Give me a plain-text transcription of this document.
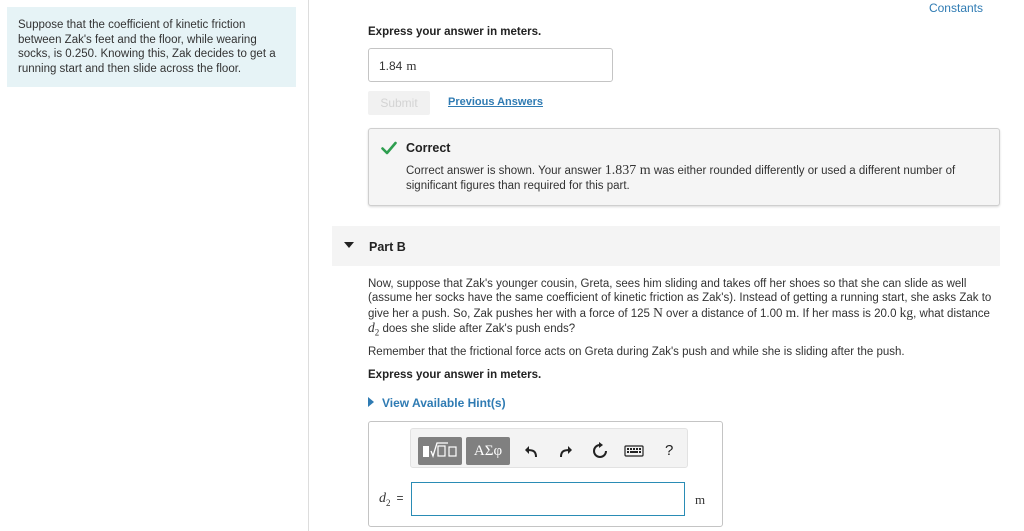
Suppose that the coefficient of kinetic friction between Zak's feet and the floor, while wearing socks, is 0.250. Knowing this, Zak decides to get a running start and then slide across the floor.
Constants
Express your answer in meters.
1.84 m
Submit	Previous Answers
Correct
Correct answer is shown. Your answer 1.837 m was either rounded differently or used a different number of significant figures than required for this part.
Part B
Now, suppose that Zak's younger cousin, Greta, sees him sliding and takes off her shoes so that she can slide as well (assume her socks have the same coefficient of kinetic friction as Zak's). Instead of getting a running start, she asks Zak to give her a push. So, Zak pushes her with a force of 125 N over a distance of 1.00 m. If her mass is 20.0 kg, what distance $d_2$ does she slide after Zak's push ends?
Remember that the frictional force acts on Greta during Zak's push and while she is sliding after the push.
Express your answer in meters.
View Available Hint(s)
ΑΣφ	?
$d_2$ =	m
